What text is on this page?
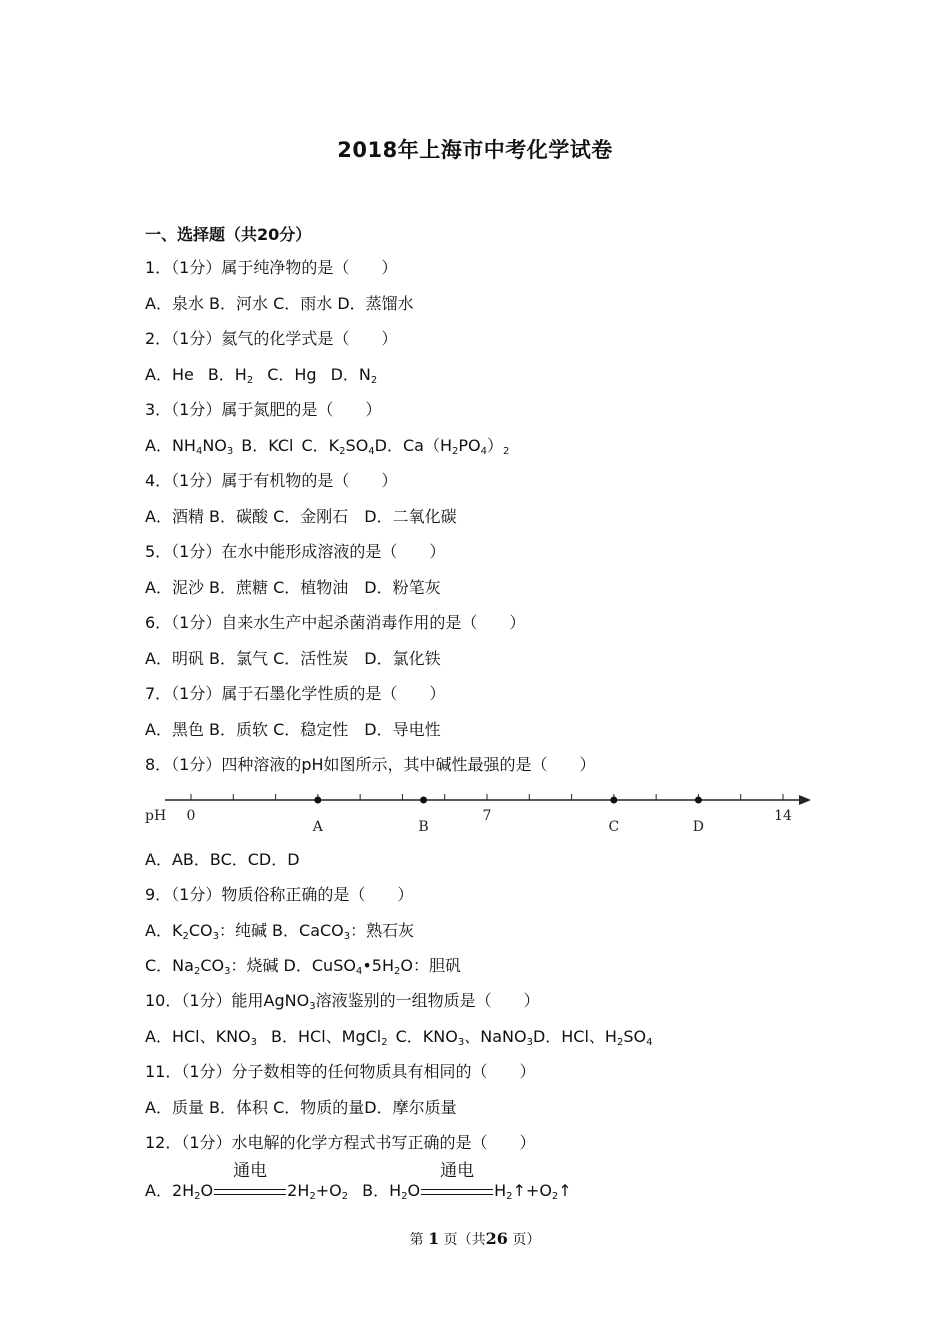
2018年上海市中考化学试卷
一、选择题（共20分）
1．（1分）属于纯净物的是（　　）
A．泉水 B．河水 C．雨水 D．蒸馏水
2．（1分）氦气的化学式是（　　）
A．He B．$H_2$ C．Hg D．$N_2$
3．（1分）属于氮肥的是（　　）
A．$NH_4NO_3$ B．KCl C．$K_2SO_4D$．$Ca(H_2PO_4)_2$
4．（1分）属于有机物的是（　　）
A．酒精 B．碳酸 C．金刚石　D．二氧化碳
5．（1分）在水中能形成溶液的是（　　）
A．泥沙 B．蔗糖 C．植物油　D．粉笔灰
6．（1分）自来水生产中起杀菌消毒作用的是（　　）
A．明矾 B．氯气 C．活性炭　D．氯化铁
7．（1分）属于石墨化学性质的是（　　）
A．黑色 B．质软 C．稳定性　D．导电性
8．（1分）四种溶液的pH如图所示，其中碱性最强的是（　　）
0	7	14
A	B	C	D
pH
A．AB．BC．CD．D
9．（1分）物质俗称正确的是（　　）
A．$K_2CO_3$：纯碱 B．CaCO$_3$：熟石灰
C．$Na_2CO_3$：烧碱 D．$CuSO_4•5H_2O$：胆矾
10．（1分）能用AgNO$_3$溶液鉴别的一组物质是（　　）
A．HCl、$KNO_3$ B．HCl、MgCl$_2$ C．$KNO_3$、NaNO$_3$D．HCl、$H_2SO_4$
11．（1分）分子数相等的任何物质具有相同的（　　）
A．质量 B．体积 C．物质的量D．摩尔质量
12．（1分）水电解的化学方程式书写正确的是（　　）
A．$2H_2O$
通电
$2H_2+O_2$ B．$H_2O$
通电
$H_2↑+O_2↑$
第 1 页（共26 页）
